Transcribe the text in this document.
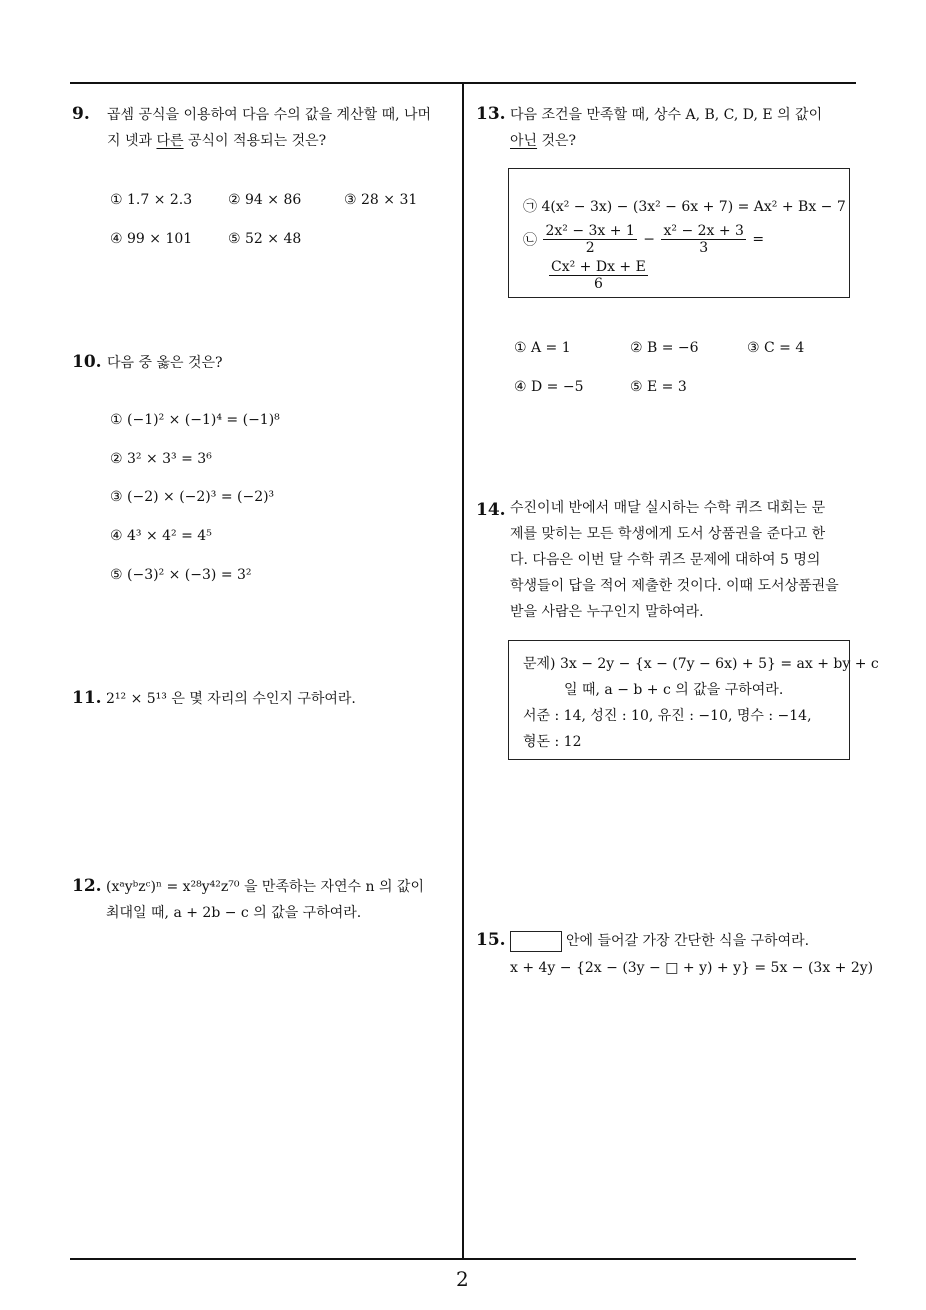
9. 곱셈 공식을 이용하여 다음 수의 값을 계산할 때, 나머
지 넷과 다른 공식이 적용되는 것은?
① 1.7 × 2.3	② 94 × 86	③ 28 × 31
④ 99 × 101	⑤ 52 × 48
10. 다음 중 옳은 것은?
① (−1)² × (−1)⁴ = (−1)⁸
② 3² × 3³ = 3⁶
③ (−2) × (−2)³ = (−2)³
④ 4³ × 4² = 4⁵
⑤ (−3)² × (−3) = 3²
11. 2¹² × 5¹³ 은 몇 자리의 수인지 구하여라.
12. (xᵃyᵇzᶜ)ⁿ = x²⁸y⁴²z⁷⁰ 을 만족하는 자연수 n 의 값이
최대일 때, a + 2b − c 의 값을 구하여라.
13. 다음 조건을 만족할 때, 상수 A, B, C, D, E 의 값이
아닌 것은?
㉠ 4(x² − 3x) − (3x² − 6x + 7) = Ax² + Bx − 7
㉡ $\frac{\text{2x² − 3x + 1}}{2} - \frac{\text{x² − 2x + 3}}{3}$ =
$\frac{\text{Cx² + Dx + E}}{6}$
① A = 1	② B = −6	③ C = 4
④ D = −5	⑤ E = 3
14. 수진이네 반에서 매달 실시하는 수학 퀴즈 대회는 문
제를 맞히는 모든 학생에게 도서 상품권을 준다고 한
다. 다음은 이번 달 수학 퀴즈 문제에 대하여 5 명의
학생들이 답을 적어 제출한 것이다. 이때 도서상품권을
받을 사람은 누구인지 말하여라.
문제) 3x − 2y − {x − (7y − 6x) + 5} = ax + by + c
일 때, a − b + c 의 값을 구하여라.
서준 : 14, 성진 : 10, 유진 : −10, 명수 : −14,
형돈 : 12
15.	안에 들어갈 가장 간단한 식을 구하여라.
x + 4y − {2x − (3y − □ + y) + y} = 5x − (3x + 2y)
2
